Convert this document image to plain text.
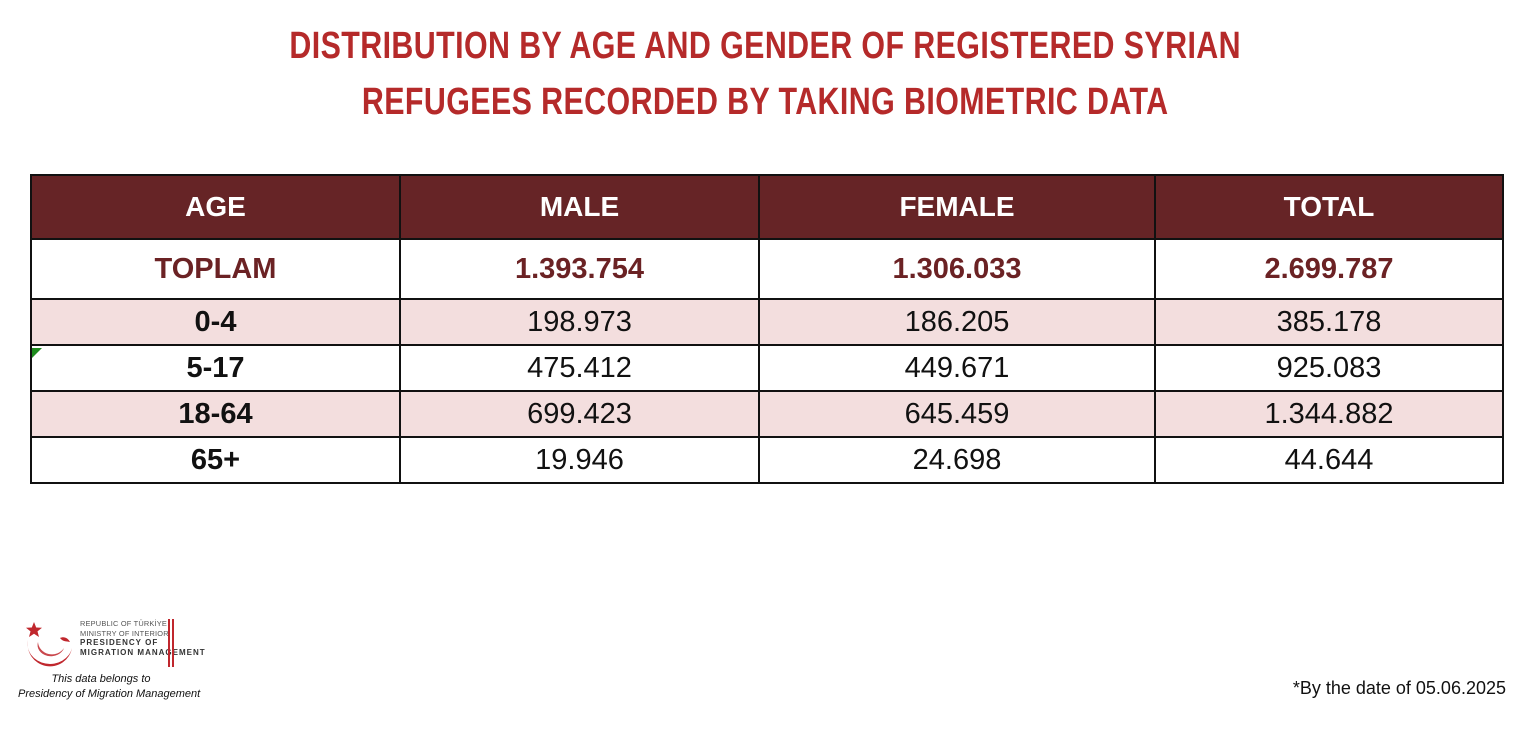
DISTRIBUTION BY AGE AND GENDER OF REGISTERED SYRIAN
REFUGEES RECORDED BY TAKING BIOMETRIC DATA
AGE	MALE	FEMALE	TOTAL
TOPLAM	1.393.754	1.306.033	2.699.787
0-4	198.973	186.205	385.178
5-17	475.412	449.671	925.083
18-64	699.423	645.459	1.344.882
65+	19.946	24.698	44.644
REPUBLIC OF TÜRKİYE
MINISTRY OF INTERIOR
PRESIDENCY OF
MIGRATION MANAGEMENT
This data belongs to
Presidency of Migration Management	*By the date of 05.06.2025
